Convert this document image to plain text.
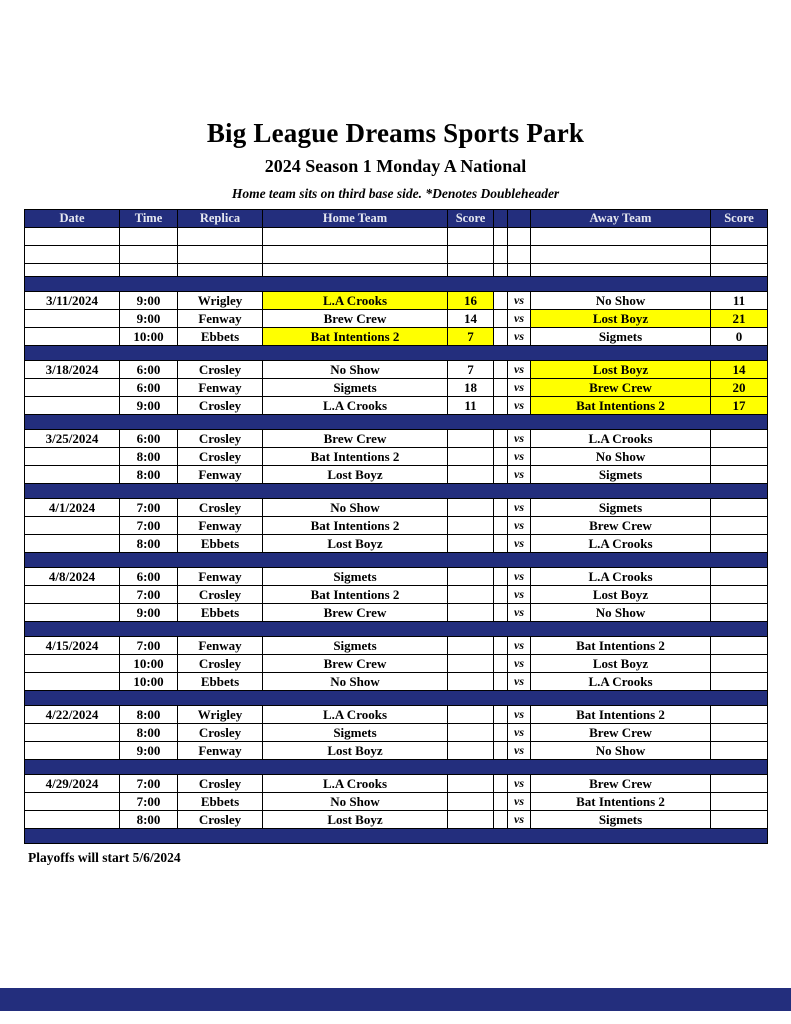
Big League Dreams Sports Park
2024 Season 1 Monday A National
Home team sits on third base side. *Denotes Doubleheader
Date	Time	Replica	Home Team	Score			Away Team	Score

3/11/2024	9:00	Wrigley	L.A Crooks	16		vs	No Show	11
	9:00	Fenway	Brew Crew	14		vs	Lost Boyz	21
	10:00	Ebbets	Bat Intentions 2	7		vs	Sigmets	0

3/18/2024	6:00	Crosley	No Show	7		vs	Lost Boyz	14
	6:00	Fenway	Sigmets	18		vs	Brew Crew	20
	9:00	Crosley	L.A Crooks	11		vs	Bat Intentions 2	17

3/25/2024	6:00	Crosley	Brew Crew			vs	L.A Crooks	
	8:00	Crosley	Bat Intentions 2			vs	No Show	
	8:00	Fenway	Lost Boyz			vs	Sigmets	

4/1/2024	7:00	Crosley	No Show			vs	Sigmets	
	7:00	Fenway	Bat Intentions 2			vs	Brew Crew	
	8:00	Ebbets	Lost Boyz			vs	L.A Crooks	

4/8/2024	6:00	Fenway	Sigmets			vs	L.A Crooks	
	7:00	Crosley	Bat Intentions 2			vs	Lost Boyz	
	9:00	Ebbets	Brew Crew			vs	No Show	

4/15/2024	7:00	Fenway	Sigmets			vs	Bat Intentions 2	
	10:00	Crosley	Brew Crew			vs	Lost Boyz	
	10:00	Ebbets	No Show			vs	L.A Crooks	

4/22/2024	8:00	Wrigley	L.A Crooks			vs	Bat Intentions 2	
	8:00	Crosley	Sigmets			vs	Brew Crew	
	9:00	Fenway	Lost Boyz			vs	No Show	

4/29/2024	7:00	Crosley	L.A Crooks			vs	Brew Crew	
	7:00	Ebbets	No Show			vs	Bat Intentions 2	
	8:00	Crosley	Lost Boyz			vs	Sigmets	

Playoffs will start 5/6/2024
